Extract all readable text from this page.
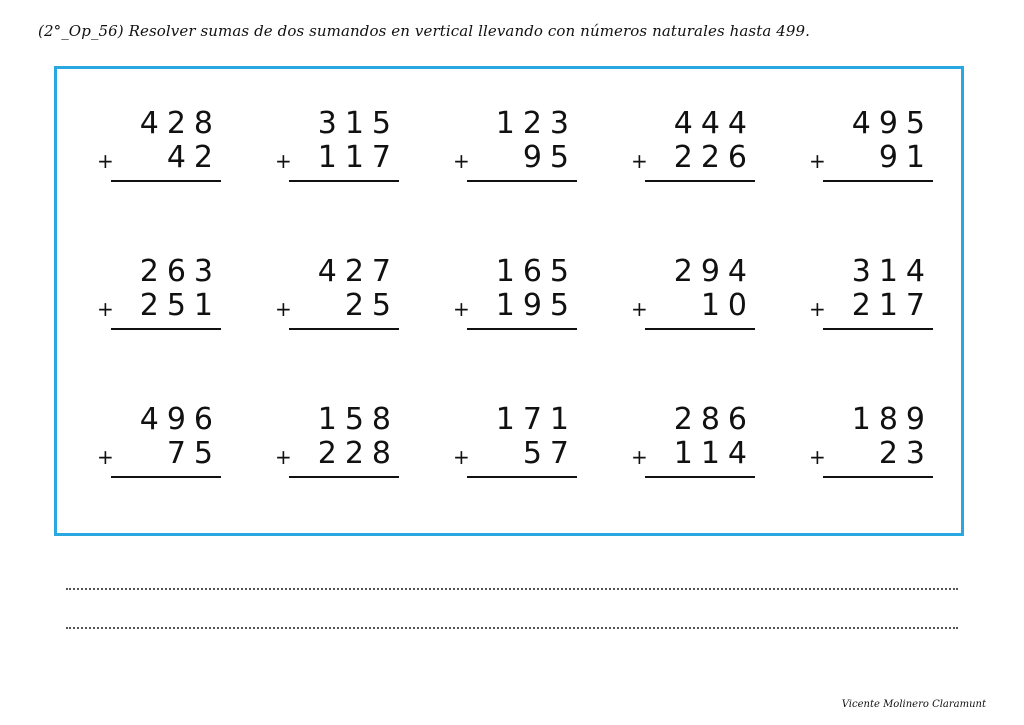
(2°_Op_56) Resolver sumas de dos sumandos en vertical llevando con números naturales hasta 499.
428
+	42
315
+ 117
123
+	95
444
+ 226
495
+	91
263
+ 251
427
+	25
165
+ 195
294
+	10
314
+ 217
496
+	75
158
+ 228
171
+	57
286
+ 114
189
+	23
Vicente Molinero Claramunt
